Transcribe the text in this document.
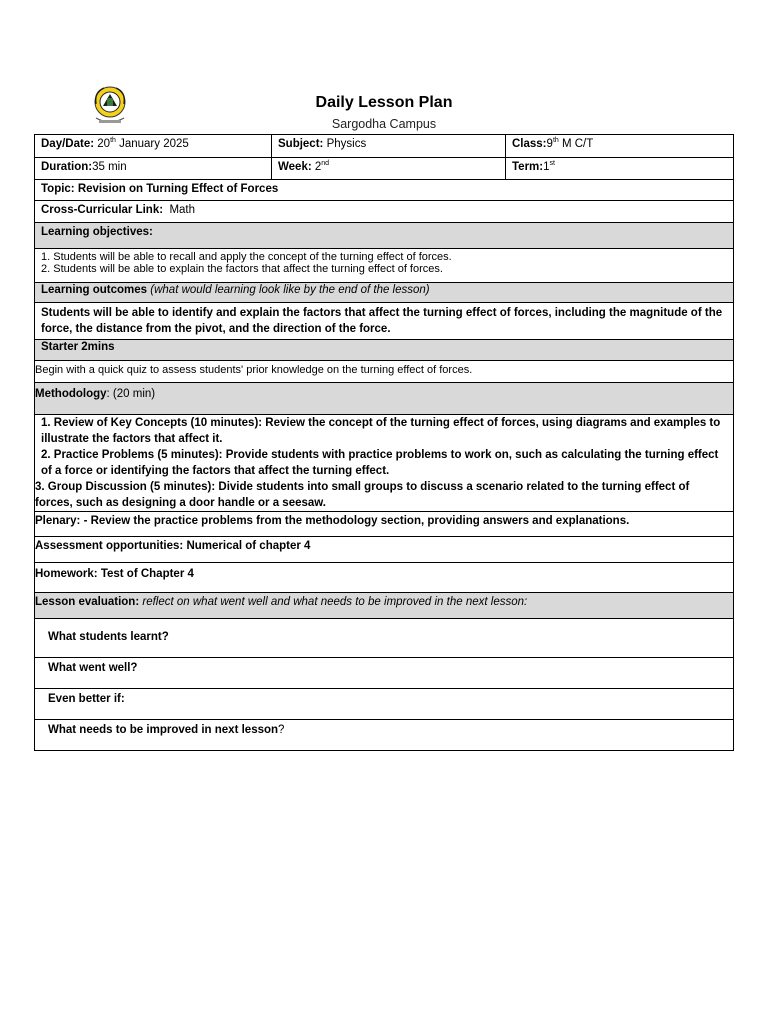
Daily Lesson Plan
Sargodha Campus
Day/Date: 20th January 2025	Subject: Physics	Class:9th M C/T
Duration:35 min	Week: 2nd	Term:1st
Topic: Revision on Turning Effect of Forces
Cross-Curricular Link: Math
Learning objectives:
1. Students will be able to recall and apply the concept of the turning effect of forces.
2. Students will be able to explain the factors that affect the turning effect of forces.
Learning outcomes (what would learning look like by the end of the lesson)
Students will be able to identify and explain the factors that affect the turning effect of forces, including the magnitude of the force, the distance from the pivot, and the direction of the force.
Starter 2mins
Begin with a quick quiz to assess students' prior knowledge on the turning effect of forces.
Methodology: (20 min)
1. Review of Key Concepts (10 minutes): Review the concept of the turning effect of forces, using diagrams and examples to illustrate the factors that affect it.
2. Practice Problems (5 minutes): Provide students with practice problems to work on, such as calculating the turning effect of a force or identifying the factors that affect the turning effect.
3. Group Discussion (5 minutes): Divide students into small groups to discuss a scenario related to the turning effect of forces, such as designing a door handle or a seesaw.
Plenary: - Review the practice problems from the methodology section, providing answers and explanations.
Assessment opportunities: Numerical of chapter 4
Homework: Test of Chapter 4
Lesson evaluation: reflect on what went well and what needs to be improved in the next lesson:
What students learnt?
What went well?
Even better if:
What needs to be improved in next lesson?
